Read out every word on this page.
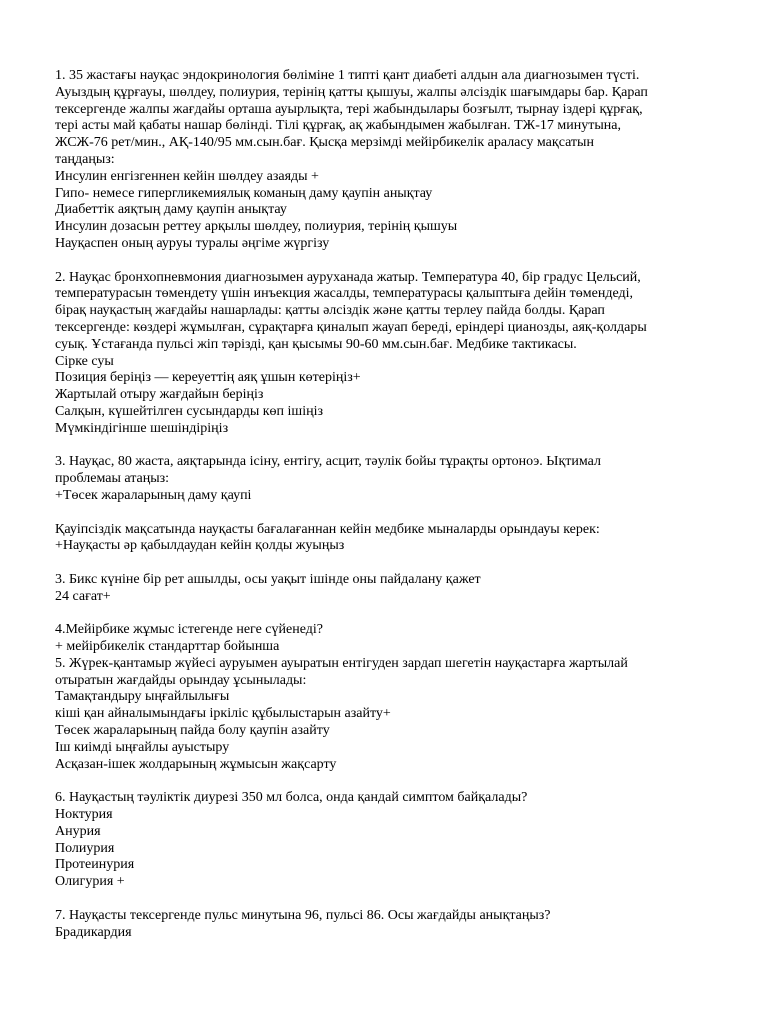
1. 35 жастағы науқас эндокринология бөліміне 1 типті қант диабеті алдын ала диагнозымен түсті.
Ауыздың құрғауы, шөлдеу, полиурия, терінің қатты қышуы, жалпы әлсіздік шағымдары бар. Қарап
тексергенде жалпы жағдайы орташа ауырлықта, тері жабындылары бозғылт, тырнау іздері құрғақ,
тері асты май қабаты нашар бөлінді. Тілі құрғақ, ақ жабындымен жабылған. ТЖ-17 минутына,
ЖСЖ-76 рет/мин., АҚ-140/95 мм.сын.бағ. Қысқа мерзімді мейірбикелік араласу мақсатын
таңдаңыз:
Инсулин енгізгеннен кейін шөлдеу азаяды +
Гипо- немесе гипергликемиялық команың даму қаупін анықтау
Диабеттік аяқтың даму қаупін анықтау
Инсулин дозасын реттеу арқылы шөлдеу, полиурия, терінің қышуы
Науқаспен оның ауруы туралы әңгіме жүргізу
2. Науқас бронхопневмония диагнозымен ауруханада жатыр. Температура 40, бір градус Цельсий,
температурасын төмендету үшін инъекция жасалды, температурасы қалыптыға дейін төмендеді,
бірақ науқастың жағдайы нашарлады: қатты әлсіздік және қатты терлеу пайда болды. Қарап
тексергенде: көздері жұмылған, сұрақтарға қиналып жауап береді, еріндері цианозды, аяқ-қолдары
суық. Ұстағанда пульсі жіп тәрізді, қан қысымы 90-60 мм.сын.бағ. Медбике тактикасы.
Сірке суы
Позиция беріңіз — кереуеттің аяқ ұшын көтеріңіз+
Жартылай отыру жағдайын беріңіз
Салқын, күшейтілген сусындарды көп ішіңіз
Мүмкіндігінше шешіндіріңіз
3. Науқас, 80 жаста, аяқтарында ісіну, ентігу, асцит, тәулік бойы тұрақты ортоноэ. Ықтимал
проблемаы атаңыз:
+Төсек жараларының даму қаупі
Қауіпсіздік мақсатында науқасты бағалағаннан кейін медбике мыналарды орындауы керек:
+Науқасты әр қабылдаудан кейін қолды жуыңыз
3. Бикс күніне бір рет ашылды, осы уақыт ішінде оны пайдалану қажет
24 сағат+
4.Мейірбике жұмыс істегенде неге сүйенеді?
+ мейірбикелік стандарттар бойынша
5. Жүрек-қантамыр жүйесі ауруымен ауыратын ентігуден зардап шегетін науқастарға жартылай
отыратын жағдайды орындау ұсынылады:
Тамақтандыру ыңғайлылығы
кіші қан айналымындағы іркіліс құбылыстарын азайту+
Төсек жараларының пайда болу қаупін азайту
Іш киімді ыңғайлы ауыстыру
Асқазан-ішек жолдарының жұмысын жақсарту
6. Науқастың тәуліктік диурезі 350 мл болса, онда қандай симптом байқалады?
Ноктурия
Анурия
Полиурия
Протеинурия
Олигурия +
7. Науқасты тексергенде пульс минутына 96, пульсі 86. Осы жағдайды анықтаңыз?
Брадикардия
